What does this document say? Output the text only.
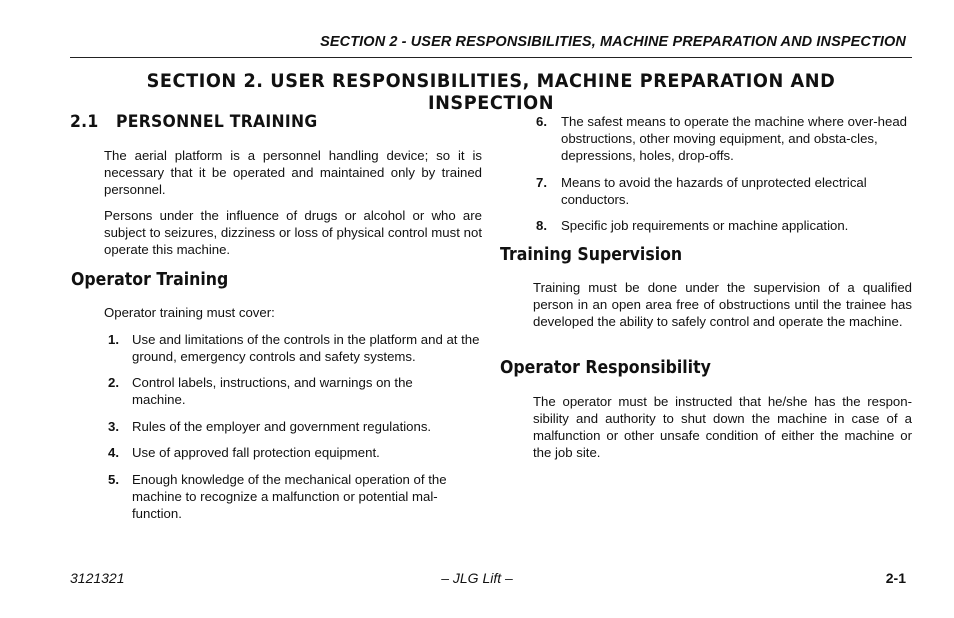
SECTION 2 - USER RESPONSIBILITIES, MACHINE PREPARATION AND INSPECTION
SECTION 2. USER RESPONSIBILITIES, MACHINE PREPARATION AND INSPECTION
2.1 PERSONNEL TRAINING

The aerial platform is a personnel handling device; so it is necessary that it be operated and maintained only by trained personnel.

Persons under the influence of drugs or alcohol or who are subject to seizures, dizziness or loss of physical control must not operate this machine.

Operator Training

Operator training must cover:

1. Use and limitations of the controls in the platform and at the ground, emergency controls and safety systems.
2. Control labels, instructions, and warnings on the machine.
3. Rules of the employer and government regulations.
4. Use of approved fall protection equipment.
5. Enough knowledge of the mechanical operation of the machine to recognize a malfunction or potential mal-function.
6. The safest means to operate the machine where over-head obstructions, other moving equipment, and obsta-cles, depressions, holes, drop-offs.
7. Means to avoid the hazards of unprotected electrical conductors.
8. Specific job requirements or machine application.
Training Supervision

Training must be done under the supervision of a qualified person in an open area free of obstructions until the trainee has developed the ability to safely control and operate the machine.

Operator Responsibility

The operator must be instructed that he/she has the respon-sibility and authority to shut down the machine in case of a malfunction or other unsafe condition of either the machine or the job site.

3121321	– JLG Lift –	2-1
